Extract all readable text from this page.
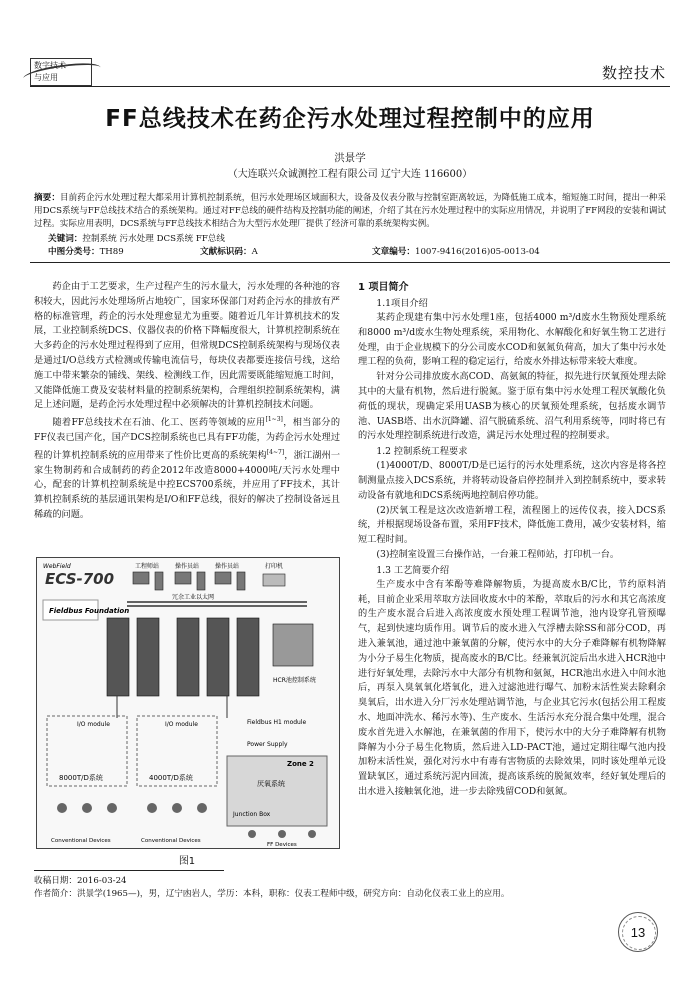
数字技术
与应用	数控技术
FF总线技术在药企污水处理过程控制中的应用
洪景学
（大连联兴众诚测控工程有限公司 辽宁大连 116600）
摘要：目前药企污水处理过程大都采用计算机控制系统，但污水处理场区域面积大，设备及仪表分散与控制室距离较远，为降低施工成本，缩短施工时间，提出一种采用DCS系统与FF总线技术结合的系统架构。通过对FF总线的硬件结构及控制功能的阐述，介绍了其在污水处理过程中的实际应用情况，并说明了FF网段的安装和调试过程。实际应用表明，DCS系统与FF总线技术相结合为大型污水处理厂提供了经济可靠的系统架构实例。
关键词：控制系统 污水处理 DCS系统 FF总线
中图分类号：TH89	文献标识码：A	文章编号：1007-9416(2016)05-0013-04

药企由于工艺要求，生产过程产生的污水量大，污水处理的各种池的容积较大，因此污水处理场所占地较广，国家环保部门对药企污水的排放有严格的标准管理，药企的污水处理愈显尤为重要。随着近几年计算机技术的发展，工业控制系统DCS、仪器仪表的价格下降幅度很大，计算机控制系统在大多药企的污水处理过程得到了应用，但常规DCS控制系统架构与现场仪表是通过I/O总线方式检测或传输电流信号，每块仪表都要连接信号线，这给施工中带来繁杂的铺线、架线、检测线工作，因此需要既能缩短施工时间，又能降低施工费及安装材料量的控制系统架构，合理组织控制系统架构，满足上述问题，是药企污水处理过程中必须解决的计算机控制技术问题。

随着FF总线技术在石油、化工、医药等领域的应用[1~3]，相当部分的FF仪表已国产化，国产DCS控制系统也已具有FF功能，为药企污水处理过程的计算机控制系统的应用带来了性价比更高的系统架构[4~7]，浙江湖州一家生物制药和合成制药的药企2012年改造8000+4000吨/天污水处理中心，配套的计算机控制系统是中控ECS700系统，并应用了FF技术，其计算机控制系统的基层通讯架构是I/O和FF总线，很好的解决了控制设备远且稀疏的问题。

WebField
ECS-700
Fieldbus Foundation
工程师站	操作员站	操作员站	打印机
冗余工业以太网
HCR池控制系统
I/O module	I/O module	Fieldbus H1 module
8000T/D系统	4000T/D系统
Zone 2
厌氧系统
Power Supply
Junction Box
Conventional Devices	Conventional Devices
FF Devices
图1
1 项目简介
1.1项目介绍

某药企现建有集中污水处理1座，包括4000 m³/d废水生物预处理系统和8000 m³/d废水生物处理系统，采用物化、水解酸化和好氧生物工艺进行处理，由于企业规模下的分公司废水COD和氨氮负荷高，加大了集中污水处理工程的负荷，影响工程的稳定运行，给废水外排达标带来较大难度。

针对分公司排放废水高COD、高氨氮的特征，拟先进行厌氧预处理去除其中的大量有机物，然后进行脱氮。鉴于原有集中污水处理工程厌氧酸化负荷低的现状，现确定采用UASB为核心的厌氧预处理系统，包括废水调节池、UASB塔、出水沉降罐、沼气脱硫系统、沼气利用系统等，同时将已有的污水处理控制系统进行改造，满足污水处理过程的控制要求。

1.2 控制系统工程要求

(1)4000T/D、8000T/D是已运行的污水处理系统，这次内容是将各控制测量点接入DCS系统，并将转动设备启停控制并入到控制系统中，要求转动设备有就地和DCS系统两地控制启停功能。

(2)厌氧工程是这次改造新增工程，流程图上的远传仪表，接入DCS系统，并根据现场设备布置，采用FF技术，降低施工费用，减少安装材料，缩短工程时间。

(3)控制室设置三台操作站，一台兼工程师站，打印机一台。

1.3 工艺简要介绍

生产废水中含有苯酚等难降解物质，为提高废水B/C比，节约原料消耗，目前企业采用萃取方法回收废水中的苯酚，萃取后的污水和其它高浓度的生产废水混合后进入高浓度废水预处理工程调节池，池内设穿孔管预曝气，起到快速均质作用。调节后的废水进入气浮槽去除SS和部分COD，再进入兼氧池，通过池中兼氧菌的分解，使污水中的大分子难降解有机物降解为小分子易生化物质，提高废水的B/C比。经兼氧沉淀后出水进入HCR池中进行好氧处理，去除污水中大部分有机物和氨氮，HCR池出水进入中间水池后，再泵入臭氧氧化塔氧化，进入过滤池进行曝气、加粉末活性炭去除剩余臭氧后，出水进入分厂污水处理站调节池，与企业其它污水(包括公用工程废水、地面冲洗水、稀污水等)、生产废水、生活污水充分混合集中处理，混合废水首先进入水解池，在兼氧菌的作用下，使污水中的大分子难降解有机物降解为小分子易生化物质，然后进入LD-PACT池，通过定期往曝气池内投加粉末活性炭，强化对污水中有毒有害物质的去除效果，同时该处理单元设置缺氧区，通过系统污泥内回流，提高该系统的脱氮效率，经好氧处理后的出水进入接触氧化池，进一步去除残留COD和氨氮。

收稿日期：2016-03-24
作者简介：洪景学(1965—)，男，辽宁凼岩人，学历：本科，职称：仪表工程师中级，研究方向：自动化仪表工业上的应用。
13
